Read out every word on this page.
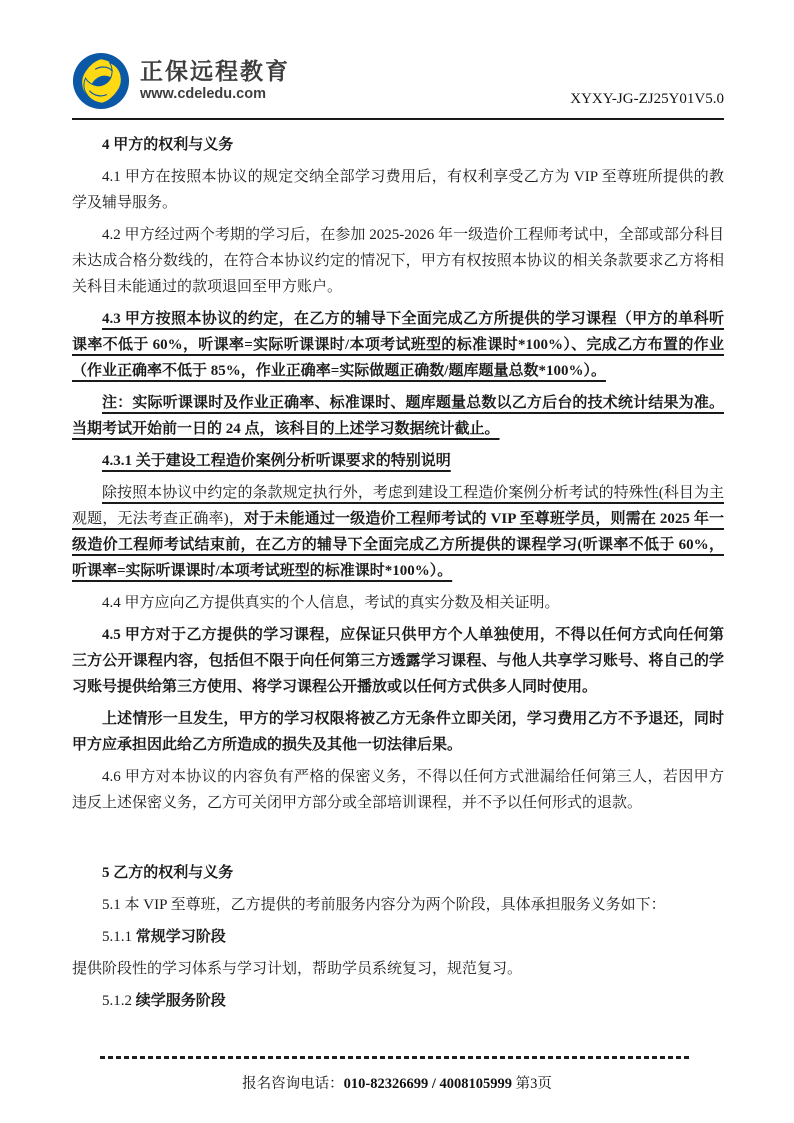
正保远程教育
www.cdeledu.com	XYXY-JG-ZJ25Y01V5.0

4 甲方的权利与义务

4.1 甲方在按照本协议的规定交纳全部学习费用后，有权利享受乙方为 VIP 至尊班所提供的教学及辅导服务。

4.2 甲方经过两个考期的学习后，在参加 2025-2026 年一级造价工程师考试中，全部或部分科目未达成合格分数线的，在符合本协议约定的情况下，甲方有权按照本协议的相关条款要求乙方将相关科目未能通过的款项退回至甲方账户。

4.3 甲方按照本协议的约定，在乙方的辅导下全面完成乙方所提供的学习课程（甲方的单科听课率不低于 60%，听课率=实际听课课时/本项考试班型的标准课时*100%）、完成乙方布置的作业（作业正确率不低于 85%，作业正确率=实际做题正确数/题库题量总数*100%）。

注：实际听课课时及作业正确率、标准课时、题库题量总数以乙方后台的技术统计结果为准。当期考试开始前一日的 24 点，该科目的上述学习数据统计截止。

4.3.1 关于建设工程造价案例分析听课要求的特别说明

除按照本协议中约定的条款规定执行外，考虑到建设工程造价案例分析考试的特殊性(科目为主观题，无法考查正确率)，对于未能通过一级造价工程师考试的 VIP 至尊班学员，则需在 2025 年一级造价工程师考试结束前，在乙方的辅导下全面完成乙方所提供的课程学习(听课率不低于 60%，听课率=实际听课课时/本项考试班型的标准课时*100%）。

4.4 甲方应向乙方提供真实的个人信息，考试的真实分数及相关证明。

4.5 甲方对于乙方提供的学习课程，应保证只供甲方个人单独使用，不得以任何方式向任何第三方公开课程内容，包括但不限于向任何第三方透露学习课程、与他人共享学习账号、将自己的学习账号提供给第三方使用、将学习课程公开播放或以任何方式供多人同时使用。

上述情形一旦发生，甲方的学习权限将被乙方无条件立即关闭，学习费用乙方不予退还，同时甲方应承担因此给乙方所造成的损失及其他一切法律后果。

4.6 甲方对本协议的内容负有严格的保密义务，不得以任何方式泄漏给任何第三人，若因甲方违反上述保密义务，乙方可关闭甲方部分或全部培训课程，并不予以任何形式的退款。

5 乙方的权利与义务

5.1 本 VIP 至尊班，乙方提供的考前服务内容分为两个阶段，具体承担服务义务如下：

5.1.1 常规学习阶段

提供阶段性的学习体系与学习计划，帮助学员系统复习，规范复习。

5.1.2 续学服务阶段

报名咨询电话：010-82326699 / 4008105999 第3页
